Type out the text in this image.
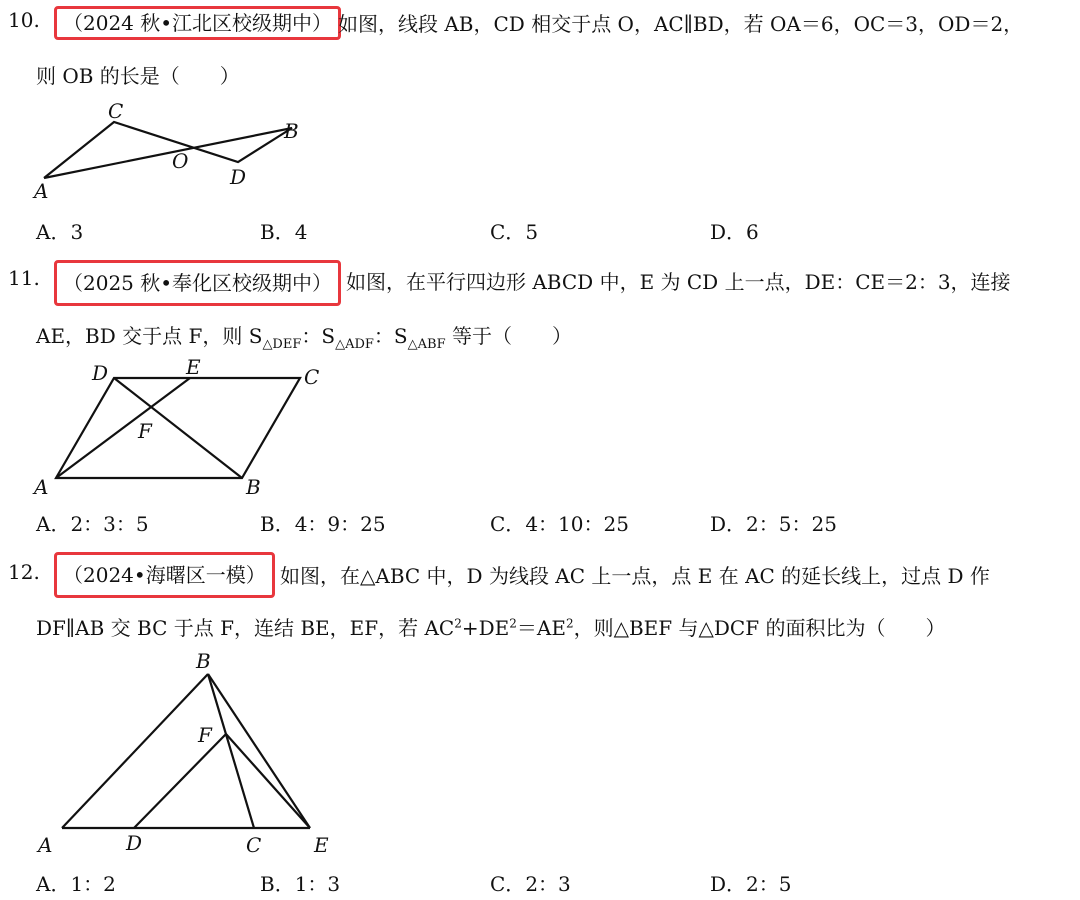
10.	（2024 秋•江北区校级期中） 如图，线段 AB，CD 相交于点 O，AC∥BD，若 OA＝6，OC＝3，OD＝2，
则 OB 的长是（　　）
A
C
O
D
B
A．3	B．4	C．5	D．6
11.	（2025 秋•奉化区校级期中） 如图，在平行四边形 ABCD 中，E 为 CD 上一点，DE：CE＝2：3，连接
AE，BD 交于点 F，则 $S_{\triangle DEF}$：$S_{\triangle ADF}$：$S_{\triangle ABF}$ 等于（　　）
A	B
C
D	E
F
A．2：3：5	B．4：9：25	C．4：10：25	D．2：5：25
12.	（2024•海曙区一模） 如图，在△ABC 中，D 为线段 AC 上一点，点 E 在 AC 的延长线上，过点 D 作
DF∥AB 交 BC 于点 F，连结 BE，EF，若 $AC^2+DE^2=AE^2$，则△BEF 与△DCF 的面积比为（　　）
A
B
C
D	E
F
A．1：2	B．1：3	C．2：3	D．2：5
